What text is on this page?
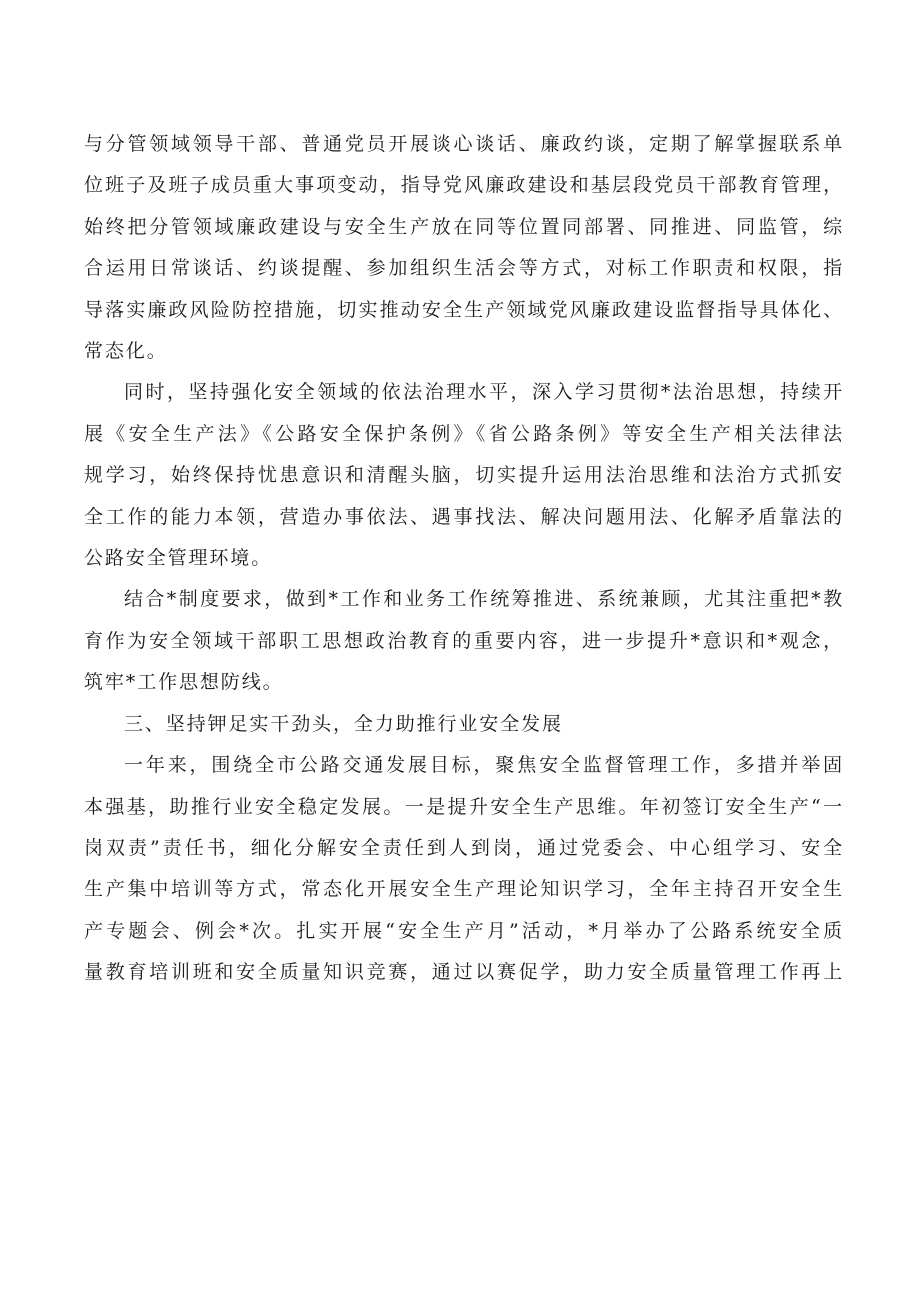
与分管领域领导干部、普通党员开展谈心谈话、廉政约谈，定期了解掌握联系单
位班子及班子成员重大事项变动，指导党风廉政建设和基层段党员干部教育管理，
始终把分管领域廉政建设与安全生产放在同等位置同部署、同推进、同监管，综
合运用日常谈话、约谈提醒、参加组织生活会等方式，对标工作职责和权限，指
导落实廉政风险防控措施，切实推动安全生产领域党风廉政建设监督指导具体化、
常态化。
同时，坚持强化安全领域的依法治理水平，深入学习贯彻*法治思想，持续开
展《安全生产法》《公路安全保护条例》《省公路条例》等安全生产相关法律法
规学习，始终保持忧患意识和清醒头脑，切实提升运用法治思维和法治方式抓安
全工作的能力本领，营造办事依法、遇事找法、解决问题用法、化解矛盾靠法的
公路安全管理环境。
结合*制度要求，做到*工作和业务工作统筹推进、系统兼顾，尤其注重把*教
育作为安全领域干部职工思想政治教育的重要内容，进一步提升*意识和*观念，
筑牢*工作思想防线。
三、坚持钾足实干劲头，全力助推行业安全发展
一年来，围绕全市公路交通发展目标，聚焦安全监督管理工作，多措并举固
本强基，助推行业安全稳定发展。一是提升安全生产思维。年初签订安全生产“一
岗双责”责任书，细化分解安全责任到人到岗，通过党委会、中心组学习、安全
生产集中培训等方式，常态化开展安全生产理论知识学习，全年主持召开安全生
产专题会、例会*次。扎实开展“安全生产月”活动，*月举办了公路系统安全质
量教育培训班和安全质量知识竞赛，通过以赛促学，助力安全质量管理工作再上
